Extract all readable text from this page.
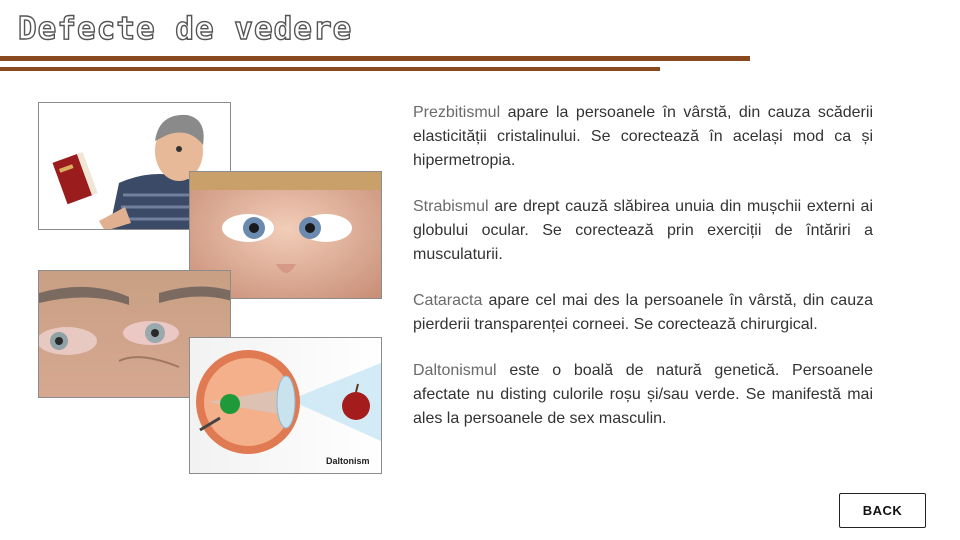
Defecte de vedere
Daltonism

Prezbitismul apare la persoanele în vârstă, din cauza scăderii elasticității cristalinului. Se corectează în același mod ca și hipermetropia.

Strabismul are drept cauză slăbirea unuia din mușchii externi ai globului ocular. Se corectează prin exerciții de întăriri a musculaturii.

Cataracta apare cel mai des la persoanele în vârstă, din cauza pierderii transparenței corneei. Se corectează chirurgical.

Daltonismul este o boală de natură genetică. Persoanele afectate nu disting culorile roșu și/sau verde. Se manifestă mai ales la persoanele de sex masculin.

BACK
